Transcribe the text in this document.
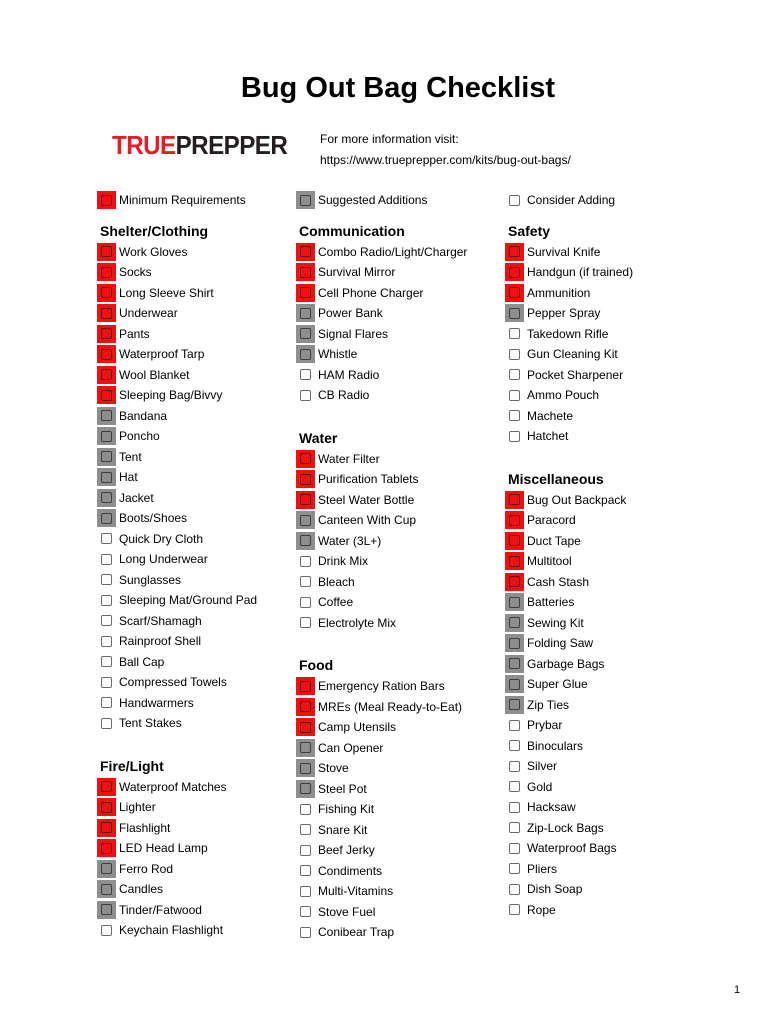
Bug Out Bag Checklist
TRUEPREPPER	For more information visit:
https://www.trueprepper.com/kits/bug-out-bags/
Minimum Requirements
Shelter/Clothing
Work Gloves
Socks
Long Sleeve Shirt
Underwear
Pants
Waterproof Tarp
Wool Blanket
Sleeping Bag/Bivvy
Bandana
Poncho
Tent
Hat
Jacket
Boots/Shoes
Quick Dry Cloth
Long Underwear
Sunglasses
Sleeping Mat/Ground Pad
Scarf/Shamagh
Rainproof Shell
Ball Cap
Compressed Towels
Handwarmers
Tent Stakes
Fire/Light
Waterproof Matches
Lighter
Flashlight
LED Head Lamp
Ferro Rod
Candles
Tinder/Fatwood
Keychain Flashlight
Suggested Additions
Communication
Combo Radio/Light/Charger
Survival Mirror
Cell Phone Charger
Power Bank
Signal Flares
Whistle
HAM Radio
CB Radio
Water
Water Filter
Purification Tablets
Steel Water Bottle
Canteen With Cup
Water (3L+)
Drink Mix
Bleach
Coffee
Electrolyte Mix
Food
Emergency Ration Bars
MREs (Meal Ready-to-Eat)
Camp Utensils
Can Opener
Stove
Steel Pot
Fishing Kit
Snare Kit
Beef Jerky
Condiments
Multi-Vitamins
Stove Fuel
Conibear Trap
Consider Adding
Safety
Survival Knife
Handgun (if trained)
Ammunition
Pepper Spray
Takedown Rifle
Gun Cleaning Kit
Pocket Sharpener
Ammo Pouch
Machete
Hatchet
Miscellaneous
Bug Out Backpack
Paracord
Duct Tape
Multitool
Cash Stash
Batteries
Sewing Kit
Folding Saw
Garbage Bags
Super Glue
Zip Ties
Prybar
Binoculars
Silver
Gold
Hacksaw
Zip-Lock Bags
Waterproof Bags
Pliers
Dish Soap
Rope
1
